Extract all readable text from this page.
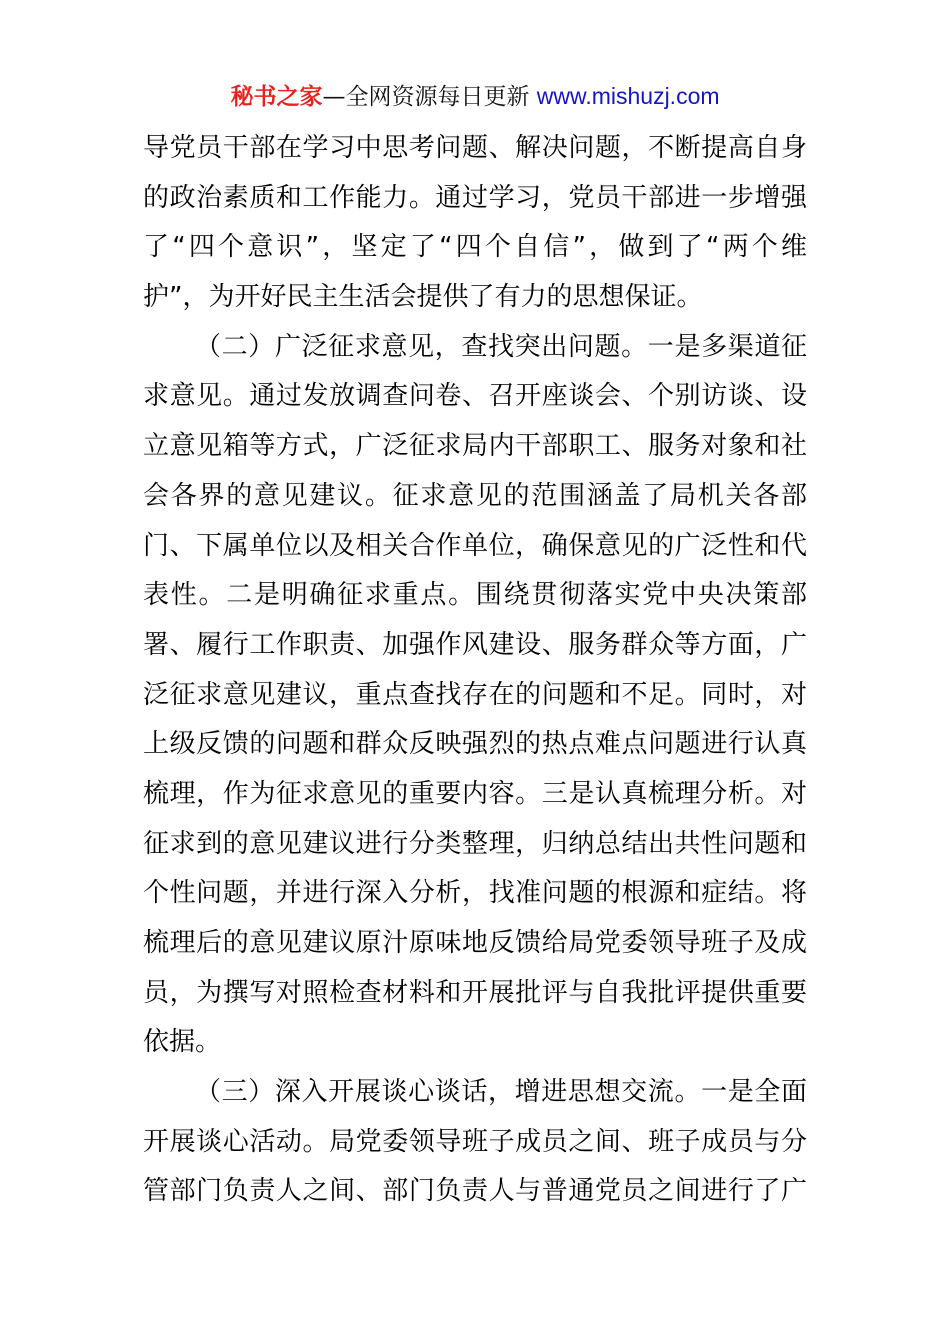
秘书之家—全网资源每日更新 www.mishuzj.com
导党员干部在学习中思考问题、解决问题，不断提高自身
的政治素质和工作能力。通过学习，党员干部进一步增强
了“四个意识”，坚定了“四个自信”，做到了“两个维
护”，为开好民主生活会提供了有力的思想保证。
（二）广泛征求意见，查找突出问题。一是多渠道征
求意见。通过发放调查问卷、召开座谈会、个别访谈、设
立意见箱等方式，广泛征求局内干部职工、服务对象和社
会各界的意见建议。征求意见的范围涵盖了局机关各部
门、下属单位以及相关合作单位，确保意见的广泛性和代
表性。二是明确征求重点。围绕贯彻落实党中央决策部
署、履行工作职责、加强作风建设、服务群众等方面，广
泛征求意见建议，重点查找存在的问题和不足。同时，对
上级反馈的问题和群众反映强烈的热点难点问题进行认真
梳理，作为征求意见的重要内容。三是认真梳理分析。对
征求到的意见建议进行分类整理，归纳总结出共性问题和
个性问题，并进行深入分析，找准问题的根源和症结。将
梳理后的意见建议原汁原味地反馈给局党委领导班子及成
员，为撰写对照检查材料和开展批评与自我批评提供重要
依据。
（三）深入开展谈心谈话，增进思想交流。一是全面
开展谈心活动。局党委领导班子成员之间、班子成员与分
管部门负责人之间、部门负责人与普通党员之间进行了广
